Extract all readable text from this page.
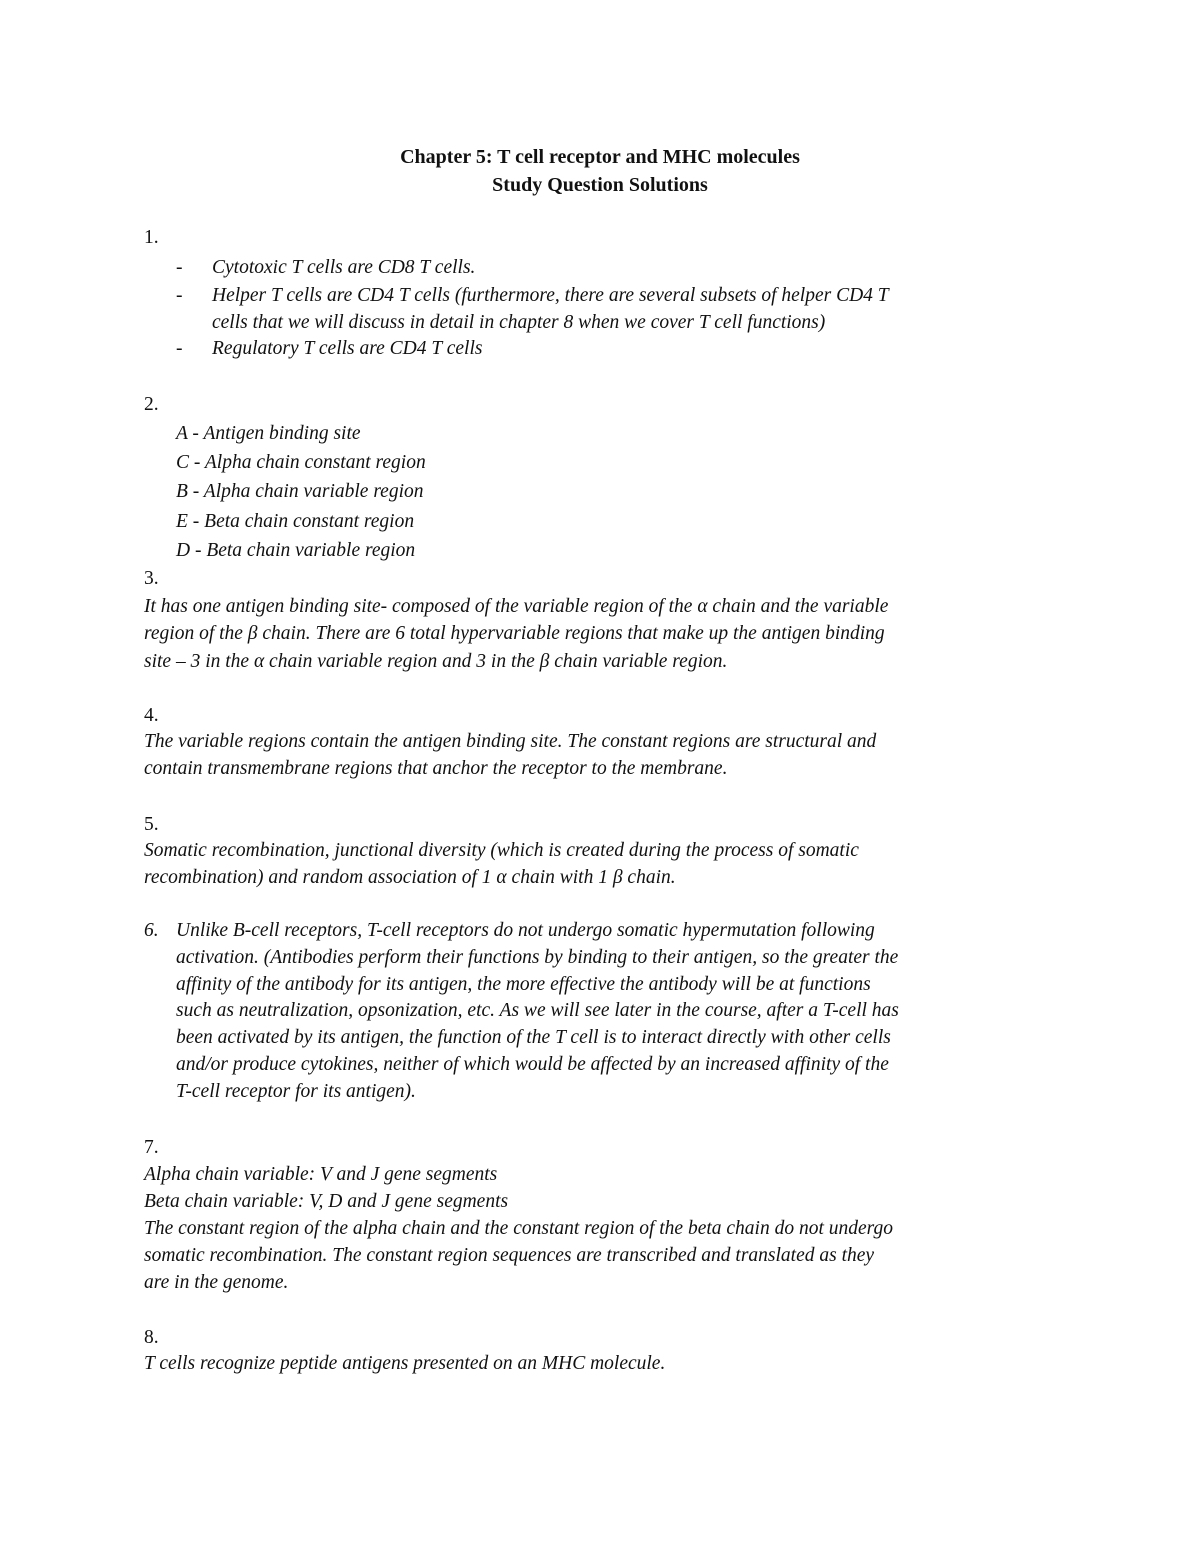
Chapter 5: T cell receptor and MHC molecules
Study Question Solutions
1.
- Cytotoxic T cells are CD8 T cells.
- Helper T cells are CD4 T cells (furthermore, there are several subsets of helper CD4 T
cells that we will discuss in detail in chapter 8 when we cover T cell functions)
- Regulatory T cells are CD4 T cells
2.
A - Antigen binding site
C - Alpha chain constant region
B - Alpha chain variable region
E - Beta chain constant region
D - Beta chain variable region
3.
It has one antigen binding site- composed of the variable region of the α chain and the variable
region of the β chain. There are 6 total hypervariable regions that make up the antigen binding
site – 3 in the α chain variable region and 3 in the β chain variable region.
4.
The variable regions contain the antigen binding site. The constant regions are structural and
contain transmembrane regions that anchor the receptor to the membrane.
5.
Somatic recombination, junctional diversity (which is created during the process of somatic
recombination) and random association of 1 α chain with 1 β chain.
6. Unlike B-cell receptors, T-cell receptors do not undergo somatic hypermutation following
activation. (Antibodies perform their functions by binding to their antigen, so the greater the
affinity of the antibody for its antigen, the more effective the antibody will be at functions
such as neutralization, opsonization, etc. As we will see later in the course, after a T-cell has
been activated by its antigen, the function of the T cell is to interact directly with other cells
and/or produce cytokines, neither of which would be affected by an increased affinity of the
T-cell receptor for its antigen).
7.
Alpha chain variable: V and J gene segments
Beta chain variable: V, D and J gene segments
The constant region of the alpha chain and the constant region of the beta chain do not undergo
somatic recombination. The constant region sequences are transcribed and translated as they
are in the genome.
8.
T cells recognize peptide antigens presented on an MHC molecule.
